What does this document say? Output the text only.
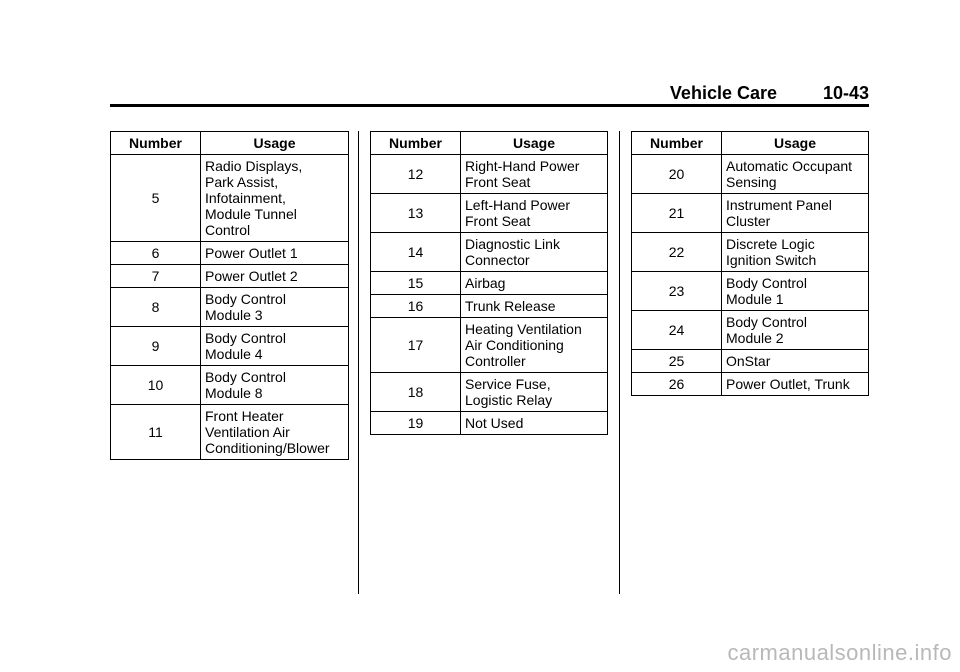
Vehicle Care	10-43
Number	Usage
5	Radio Displays,
Park Assist,
Infotainment,
Module Tunnel
Control
6	Power Outlet 1
7	Power Outlet 2
8	Body Control
Module 3
9	Body Control
Module 4
10	Body Control
Module 8
11	Front Heater
Ventilation Air
Conditioning/Blower
Number	Usage
12	Right-Hand Power
Front Seat
13	Left-Hand Power
Front Seat
14	Diagnostic Link
Connector
15	Airbag
16	Trunk Release
17	Heating Ventilation
Air Conditioning
Controller
18	Service Fuse,
Logistic Relay
19	Not Used
Number	Usage
20	Automatic Occupant
Sensing
21	Instrument Panel
Cluster
22	Discrete Logic
Ignition Switch
23	Body Control
Module 1
24	Body Control
Module 2
25	OnStar
26	Power Outlet, Trunk
carmanualsonline.info
